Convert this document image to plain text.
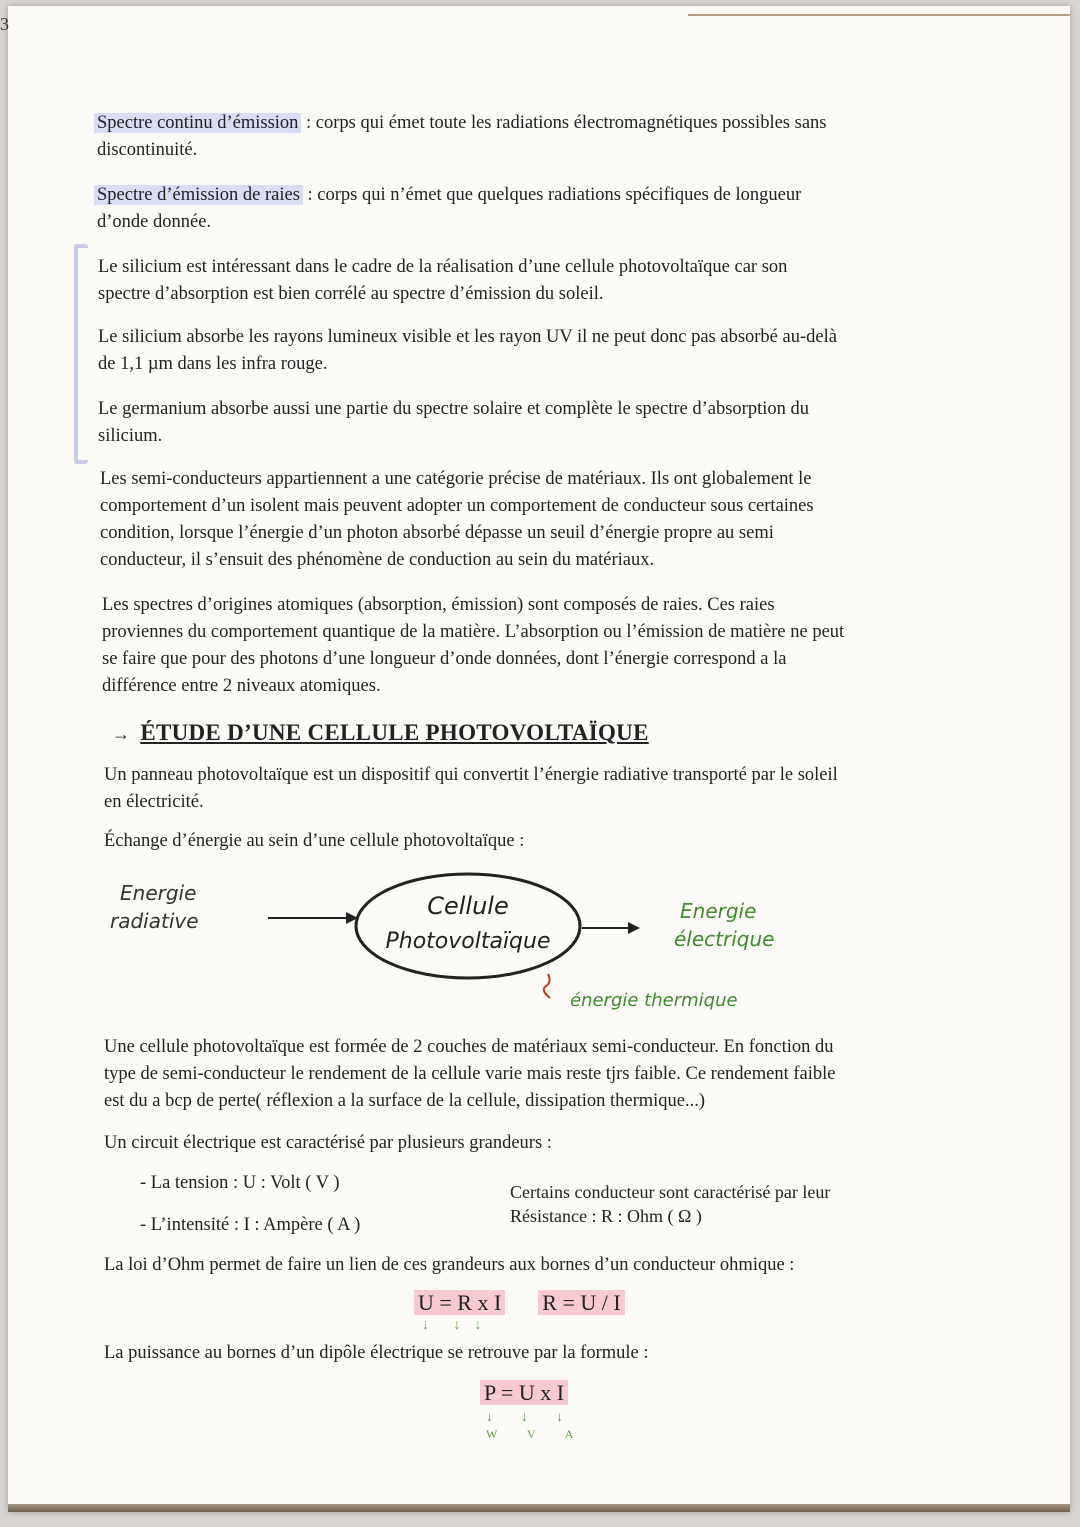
Spectre continu d’émission : corps qui émet toute les radiations électromagnétiques possibles sans
discontinuité.
Spectre d’émission de raies : corps qui n’émet que quelques radiations spécifiques de longueur
d’onde donnée.
Le silicium est intéressant dans le cadre de la réalisation d’une cellule photovoltaïque car son
spectre d’absorption est bien corrélé au spectre d’émission du soleil.
Le silicium absorbe les rayons lumineux visible et les rayon UV il ne peut donc pas absorbé au-delà
de 1,1 µm dans les infra rouge.
Le germanium absorbe aussi une partie du spectre solaire et complète le spectre d’absorption du
silicium.
Les semi-conducteurs appartiennent a une catégorie précise de matériaux. Ils ont globalement le
comportement d’un isolent mais peuvent adopter un comportement de conducteur sous certaines
condition, lorsque l’énergie d’un photon absorbé dépasse un seuil d’énergie propre au semi
conducteur, il s’ensuit des phénomène de conduction au sein du matériaux.
Les spectres d’origines atomiques (absorption, émission) sont composés de raies. Ces raies
proviennes du comportement quantique de la matière. L’absorption ou l’émission de matière ne peut
se faire que pour des photons d’une longueur d’onde données, dont l’énergie correspond a la
différence entre 2 niveaux atomiques.
→ ÉTUDE D’UNE CELLULE PHOTOVOLTAÏQUE
Un panneau photovoltaïque est un dispositif qui convertit l’énergie radiative transporté par le soleil
en électricité.
Échange d’énergie au sein d’une cellule photovoltaïque :
Energie
radiative
Cellule
Photovoltaïque
Energie
électrique
énergie thermique
Une cellule photovoltaïque est formée de 2 couches de matériaux semi-conducteur. En fonction du
type de semi-conducteur le rendement de la cellule varie mais reste tjrs faible. Ce rendement faible
est du a bcp de perte( réflexion a la surface de la cellule, dissipation thermique...)
Un circuit électrique est caractérisé par plusieurs grandeurs :
- La tension : U : Volt ( V )
- L’intensité : I : Ampère ( A )
Certains conducteur sont caractérisé par leur
Résistance : R : Ohm ( Ω )
La loi d’Ohm permet de faire un lien de ces grandeurs aux bornes d’un conducteur ohmique :
U = R x I R = U / I
↓       ↓    ↓
La puissance au bornes d’un dipôle électrique se retrouve par la formule :
P = U x I
↓        ↓        ↓
W V A
3
